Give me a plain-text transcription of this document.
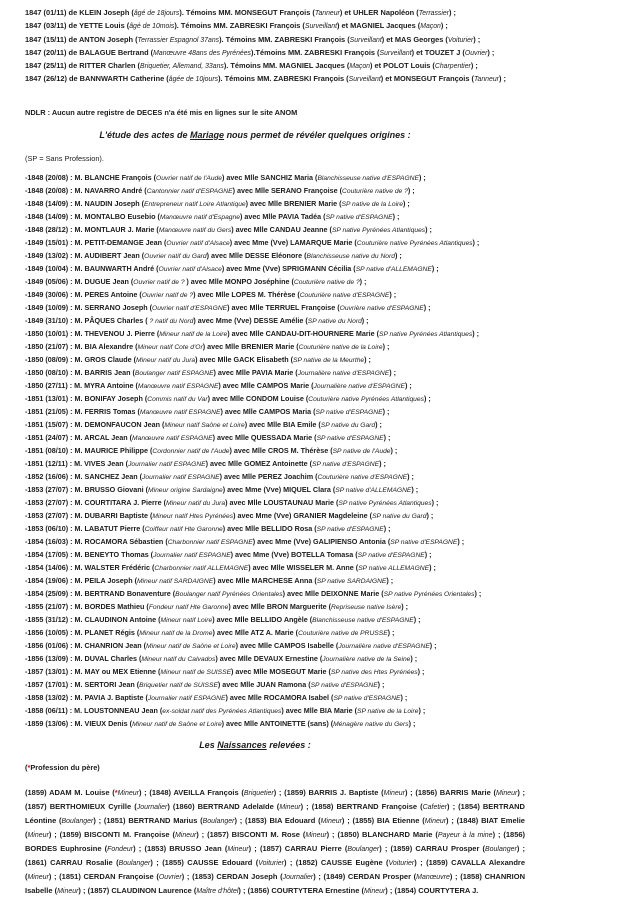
1847 (01/11) de KLEIN Joseph (âgé de 18jours). Témoins MM. MONSEGUT François (Tanneur) et UHLER Napoléon (Terrassier) ;
1847 (03/11) de YETTE Louis (âgé de 10mois). Témoins MM. ZABRESKI François (Surveillant) et MAGNIEL Jacques (Maçon) ;
1847 (15/11) de ANTON Joseph (Terrassier Espagnol 37ans). Témoins MM. ZABRESKI François (Surveillant) et MAS Georges (Voiturier) ;
1847 (20/11) de BALAGUE Bertrand (Manœuvre 48ans des Pyrénées).Témoins MM. ZABRESKI François (Surveillant) et TOUZET J (Ouvrier) ;
1847 (25/11) de RITTER Charlen (Briquetier, Allemand, 33ans). Témoins MM. MAGNIEL Jacques (Maçon) et POLOT Louis (Charpentier) ;
1847 (26/12) de BANNWARTH Catherine (âgée de 10jours). Témoins MM. ZABRESKI François (Surveillant) et MONSEGUT François (Tanneur) ;
NDLR : Aucun autre registre de DECES n'a été mis en lignes sur le site ANOM
L'étude des actes de Mariage nous permet de révéler quelques origines :
(SP = Sans Profession).
-1848 (20/08) : M. BLANCHE François (Ouvrier natif de l'Aude) avec Mlle SANCHIZ Maria (Blanchisseuse native d'ESPAGNE) ;
-1848 (20/08) : M. NAVARRO André (Cantonnier natif d'ESPAGNE) avec Mlle SERANO Françoise (Couturière native de ?) ;
-1848 (14/09) : M. NAUDIN Joseph (Entrepreneur natif Loire Atlantique) avec Mlle BRENIER Marie (SP native de la Loire) ;
-1848 (14/09) : M. MONTALBO Eusebio (Manœuvre natif d'Espagne) avec Mlle PAVIA Tadéa (SP native d'ESPAGNE) ;
-1848 (28/12) : M. MONTLAUR J. Marie (Manœuvre natif du Gers) avec Mlle CANDAU Jeanne (SP native Pyrénées Atlantiques) ;
-1849 (15/01) : M. PETIT-DEMANGE Jean (Ouvrier natif d'Alsace) avec Mme (Vve) LAMARQUE Marie (Couturière native Pyrénées Atlantiques) ;
-1849 (13/02) : M. AUDIBERT Jean (Ouvrier natif du Gard) avec Mlle DESSE Eléonore (Blanchisseuse native du Nord) ;
-1849 (10/04) : M. BAUNWARTH André (Ouvrier natif d'Alsace) avec Mme (Vve) SPRIGMANN Cécilia (SP native d'ALLEMAGNE) ;
-1849 (05/06) : M. DUGUE Jean (Ouvrier natif de ? ) avec Mlle MONPO Joséphine (Couturière native de ?) ;
-1849 (30/06) : M. PERES Antoine (Ouvrier natif de ?) avec Mlle LOPES M. Thérèse (Couturière native d'ESPAGNE) ;
-1849 (10/09) : M. SERRANO Joseph (Ouvrier natif d'ESPAGNE) avec Mlle TERRUEL Françoise (Ouvrière native d'ESPAGNE) ;
-1849 (31/10) : M. PÂQUES Charles ( ? natif du Nord) avec Mme (Vve) DESSE Amélie (SP native du Nord) ;
-1850 (10/01) : M. THEVENOU J. Pierre (Mineur natif de la Loire) avec Mlle CANDAU-DIT-HOURNERE Marie (SP native Pyrénées Atlantiques) ;
-1850 (21/07) : M. BIA Alexandre (Mineur natif Cote d'Or) avec Mlle BRENIER Marie (Couturière native de la Loire) ;
-1850 (08/09) : M. GROS Claude (Mineur natif du Jura) avec Mlle GACK Elisabeth (SP native de la Meurthe) ;
-1850 (08/10) : M. BARRIS Jean (Boulanger natif ESPAGNE) avec Mlle PAVIA Marie (Journalière native d'ESPAGNE) ;
-1850 (27/11) : M. MYRA Antoine (Manœuvre natif ESPAGNE) avec Mlle CAMPOS Marie (Journalière native d'ESPAGNE) ;
-1851 (13/01) : M. BONIFAY Joseph (Commis natif du Var) avec Mlle CONDOM Louise (Couturière native Pyrénées Atlantiques) ;
-1851 (21/05) : M. FERRIS Tomas (Manœuvre natif ESPAGNE) avec Mlle CAMPOS Maria (SP native d'ESPAGNE) ;
-1851 (15/07) : M. DEMONFAUCON Jean (Mineur natif Saône et Loire) avec Mlle BIA Emile (SP native du Gard) ;
-1851 (24/07) : M. ARCAL Jean (Manœuvre natif ESPAGNE) avec Mlle QUESSADA Marie (SP native d'ESPAGNE) ;
-1851 (08/10) : M. MAURICE Philippe (Cordonnier natif de l'Aude) avec Mlle CROS M. Thérèse (SP native de l'Aude) ;
-1851 (12/11) : M. VIVES Jean (Journalier natif ESPAGNE) avec Mlle GOMEZ Antoinette (SP native d'ESPAGNE) ;
-1852 (16/06) : M. SANCHEZ Jean (Journalier natif ESPAGNE) avec Mlle PEREZ Joachim (Couturière native d'ESPAGNE) ;
-1853 (27/07) : M. BRUSSO Giovani (Mineur origine Sardaigne) avec Mme (Vve) MIQUEL Clara (SP native d'ALLEMAGNE) ;
-1853 (27/07) : M. COURTITARA J. Pierre (Mineur natif du Jura) avec Mlle LOUSTAUNAU Marie (SP native Pyrénées Atlantiques) ;
-1853 (27/07) : M. DUBARRI Baptiste (Mineur natif Htes Pyrénées) avec Mme (Vve) GRANIER Magdeleine (SP native du Gard) ;
-1853 (06/10) : M. LABATUT Pierre (Coiffeur natif Hte Garonne) avec Mlle BELLIDO Rosa (SP native d'ESPAGNE) ;
-1854 (16/03) : M. ROCAMORA Sébastien (Charbonnier natif ESPAGNE) avec Mme (Vve) GALIPIENSO Antonia (SP native d'ESPAGNE) ;
-1854 (17/05) : M. BENEYTO Thomas (Journalier natif ESPAGNE) avec Mme (Vve) BOTELLA Tomasa (SP native d'ESPAGNE) ;
-1854 (14/06) : M. WALSTER Frédéric (Charbonnier natif ALLEMAGNE) avec Mlle WISSELER M. Anne (SP native ALLEMAGNE) ;
-1854 (19/06) : M. PEILA Joseph (Mineur natif SARDAIGNE) avec Mlle MARCHESE Anna (SP native SARDAIGNE) ;
-1854 (25/09) : M. BERTRAND Bonaventure (Boulanger natif Pyrénées Orientales) avec Mlle DEIXONNE Marie (SP native Pyrénées Orientales) ;
-1855 (21/07) : M. BORDES Mathieu (Fondeur natif Hte Garonne) avec Mlle BRON Marguerite (Repriseuse native Isère) ;
-1855 (31/12) : M. CLAUDINON Antoine (Mineur natif Loire) avec Mlle BELLIDO Angèle (Blanchisseuse native d'ESPAGNE) ;
-1856 (10/05) : M. PLANET Régis (Mineur natif de la Drome) avec Mlle ATZ A. Marie (Couturière native de PRUSSE) ;
-1856 (01/06) : M. CHANRION Jean (Mineur natif de Saône et Loire) avec Mlle CAMPOS Isabelle (Journalière native d'ESPAGNE) ;
-1856 (13/09) : M. DUVAL Charles (Mineur natif du Calvados) avec Mlle DEVAUX Ernestine (Journalière native de la Seine) ;
-1857 (13/01) : M. MAY ou MEX Etienne (Mineur natif de SUISSE) avec Mlle MOSEGUT Marie (SP native des Htes Pyrénées) ;
-1857 (17/01) : M. SERTORI Jean (Briquetier natif de SUISSE) avec Mlle JUAN Ramona (SP native d'ESPAGNE) ;
-1858 (13/02) : M. PAVIA J. Baptiste (Journalier natif ESPAGNE) avec Mlle ROCAMORA Isabel (SP native d'ESPAGNE) ;
-1858 (06/11) : M. LOUSTONNEAU Jean (ex-soldat natif des Pyrénées Atlantiques) avec Mlle BIA Marie (SP native de la Loire) ;
-1859 (13/06) : M. VIEUX Denis (Mineur natif de Saône et Loire) avec Mlle ANTOINETTE (sans) (Ménagère native du Gers) ;
Les Naissances relevées :
(*Profession du père)

(1859) ADAM M. Louise (*Mineur) ; (1848) AVEILLA François (Briquetier) ; (1859) BARRIS J. Baptiste (Mineur) ; (1856) BARRIS Marie (Mineur) ;(1857) BERTHOMIEUX Cyrille (Journalier) (1860) BERTRAND Adelaïde (Mineur) ; (1858) BERTRAND Françoise (Cafetier) ; (1854) BERTRAND Léontine (Boulanger) ; (1851) BERTRAND Marius (Boulanger) ; (1853) BIA Edouard (Mineur) ; (1855) BIA Etienne (Mineur) ; (1848) BIAT Emelie (Mineur) ; (1859) BISCONTI M. Françoise (Mineur) ; (1857) BISCONTI M. Rose (Mineur) ; (1850) BLANCHARD Marie (Payeur à la mine) ; (1856) BORDES Euphrosine (Fondeur) ; (1853) BRUSSO Jean (Mineur) ; (1857) CARRAU Pierre (Boulanger) ; (1859) CARRAU Prosper (Boulanger) ; (1861) CARRAU Rosalie (Boulanger) ; (1855) CAUSSE Edouard (Voiturier) ; (1852) CAUSSE Eugène (Voiturier) ; (1859) CAVALLA Alexandre (Mineur) ; (1851) CERDAN Françoise (Ouvrier) ; (1853) CERDAN Joseph (Journalier) ; (1849) CERDAN Prosper (Manœuvre) ; (1858) CHANRION Isabelle (Mineur) ; (1857) CLAUDINON Laurence (Maître d'hôtel) ; (1856) COURTYTERA Ernestine (Mineur) ; (1854) COURTYTERA J.
